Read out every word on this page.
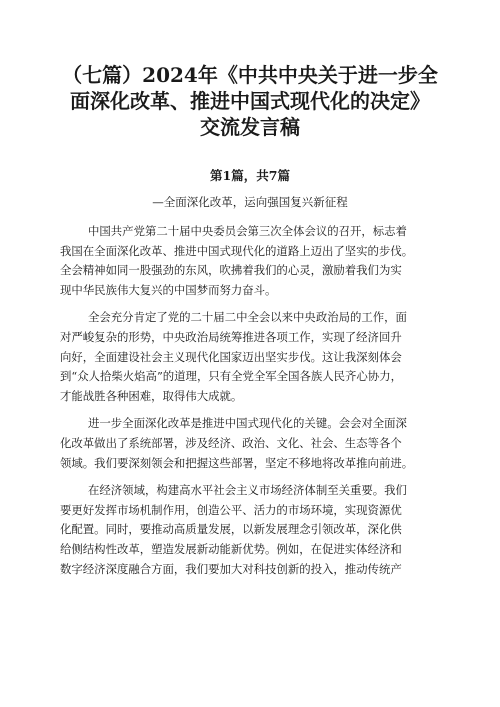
（七篇）2024年《中共中央关于进一步全
面深化改革、推进中国式现代化的决定》
交流发言稿
第1篇，共7篇
—全面深化改革，运向强国复兴新征程
中国共产党第二十届中央委员会第三次全体会议的召开，标志着
我国在全面深化改革、推进中国式现代化的道路上迈出了坚实的步伐。
全会精神如同一股强劲的东风，吹拂着我们的心灵，激励着我们为实
现中华民族伟大复兴的中国梦而努力奋斗。
全会充分肯定了党的二十届二中全会以来中央政治局的工作，面
对严峻复杂的形势，中央政治局统筹推进各项工作，实现了经济回升
向好，全面建设社会主义现代化国家迈出坚实步伐。这让我深刻体会
到“众人拾柴火焰高”的道理，只有全党全军全国各族人民齐心协力，
才能战胜各种困难，取得伟大成就。
进一步全面深化改革是推进中国式现代化的关键。会会对全面深
化改革做出了系统部署，涉及经济、政治、文化、社会、生态等各个
领域。我们要深刻领会和把握这些部署，坚定不移地将改革推向前进。
在经济领域，构建高水平社会主义市场经济体制至关重要。我们
要更好发挥市场机制作用，创造公平、活力的市场环境，实现资源优
化配置。同时，要推动高质量发展，以新发展理念引领改革，深化供
给侧结构性改革，塑造发展新动能新优势。例如，在促进实体经济和
数字经济深度融合方面，我们要加大对科技创新的投入，推动传统产
